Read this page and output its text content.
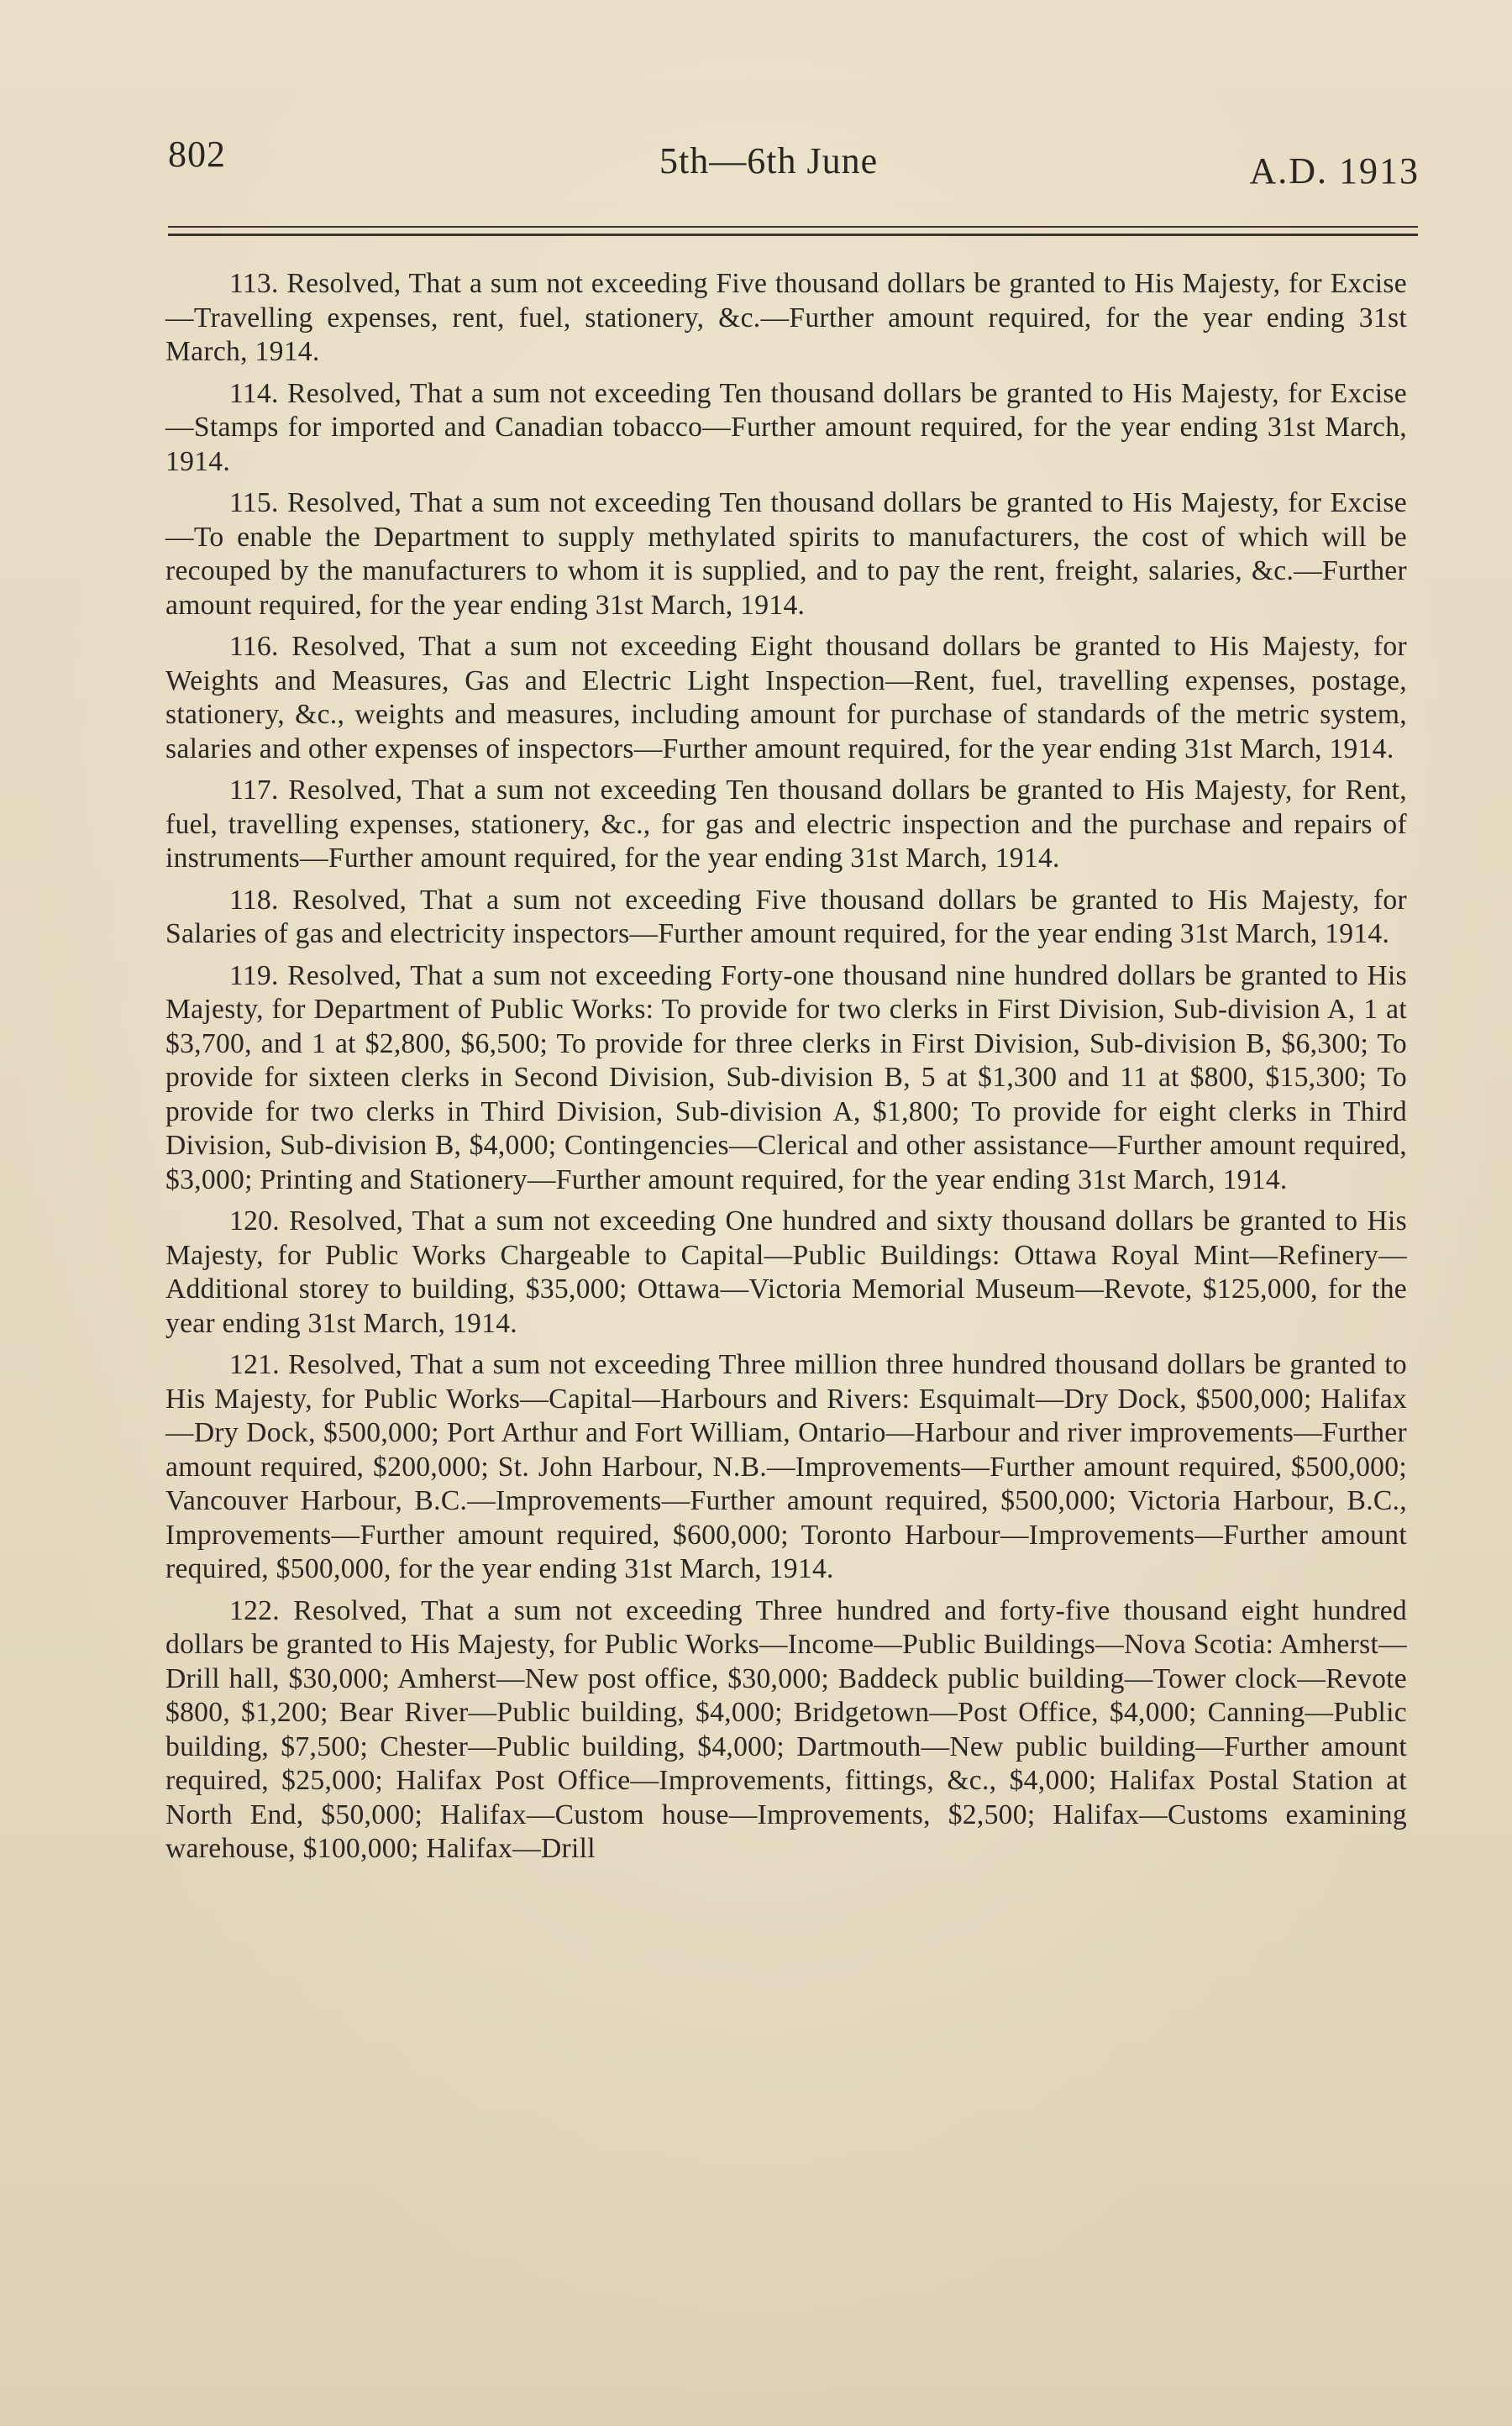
802	5th—6th June	A.D. 1913

113. Resolved, That a sum not exceeding Five thousand dollars be granted to His Majesty, for Excise—Travelling expenses, rent, fuel, stationery, &c.—Further amount required, for the year ending 31st March, 1914.

114. Resolved, That a sum not exceeding Ten thousand dollars be granted to His Majesty, for Excise—Stamps for imported and Canadian tobacco—Further amount required, for the year ending 31st March, 1914.

115. Resolved, That a sum not exceeding Ten thousand dollars be granted to His Majesty, for Excise—To enable the Department to supply methylated spirits to manufacturers, the cost of which will be recouped by the manufacturers to whom it is supplied, and to pay the rent, freight, salaries, &c.—Further amount required, for the year ending 31st March, 1914.

116. Resolved, That a sum not exceeding Eight thousand dollars be granted to His Majesty, for Weights and Measures, Gas and Electric Light Inspection—Rent, fuel, travelling expenses, postage, stationery, &c., weights and measures, including amount for purchase of standards of the metric system, salaries and other expenses of inspectors—Further amount required, for the year ending 31st March, 1914.

117. Resolved, That a sum not exceeding Ten thousand dollars be granted to His Majesty, for Rent, fuel, travelling expenses, stationery, &c., for gas and electric inspection and the purchase and repairs of instruments—Further amount required, for the year ending 31st March, 1914.

118. Resolved, That a sum not exceeding Five thousand dollars be granted to His Majesty, for Salaries of gas and electricity inspectors—Further amount required, for the year ending 31st March, 1914.

119. Resolved, That a sum not exceeding Forty-one thousand nine hundred dollars be granted to His Majesty, for Department of Public Works: To provide for two clerks in First Division, Sub-division A, 1 at $3,700, and 1 at $2,800, $6,500; To provide for three clerks in First Division, Sub-division B, $6,300; To provide for sixteen clerks in Second Division, Sub-division B, 5 at $1,300 and 11 at $800, $15,300; To provide for two clerks in Third Division, Sub-division A, $1,800; To provide for eight clerks in Third Division, Sub-division B, $4,000; Contingencies—Clerical and other assistance—Further amount required, $3,000; Printing and Stationery—Further amount required, for the year ending 31st March, 1914.

120. Resolved, That a sum not exceeding One hundred and sixty thousand dollars be granted to His Majesty, for Public Works Chargeable to Capital—Public Buildings: Ottawa Royal Mint—Refinery—Additional storey to building, $35,000; Ottawa—Victoria Memorial Museum—Revote, $125,000, for the year ending 31st March, 1914.

121. Resolved, That a sum not exceeding Three million three hundred thousand dollars be granted to His Majesty, for Public Works—Capital—Harbours and Rivers: Esquimalt—Dry Dock, $500,000; Halifax—Dry Dock, $500,000; Port Arthur and Fort William, Ontario—Harbour and river improvements—Further amount required, $200,000; St. John Harbour, N.B.—Improvements—Further amount required, $500,000; Vancouver Harbour, B.C.—Improvements—Further amount required, $500,000; Victoria Harbour, B.C., Improvements—Further amount required, $600,000; Toronto Harbour—Improvements—Further amount required, $500,000, for the year ending 31st March, 1914.

122. Resolved, That a sum not exceeding Three hundred and forty-five thousand eight hundred dollars be granted to His Majesty, for Public Works—Income—Public Buildings—Nova Scotia: Amherst—Drill hall, $30,000; Amherst—New post office, $30,000; Baddeck public building—Tower clock—Revote $800, $1,200; Bear River—Public building, $4,000; Bridgetown—Post Office, $4,000; Canning—Public building, $7,500; Chester—Public building, $4,000; Dartmouth—New public building—Further amount required, $25,000; Halifax Post Office—Improvements, fittings, &c., $4,000; Halifax Postal Station at North End, $50,000; Halifax—Custom house—Improvements, $2,500; Halifax—Customs examining warehouse, $100,000; Halifax—Drill
